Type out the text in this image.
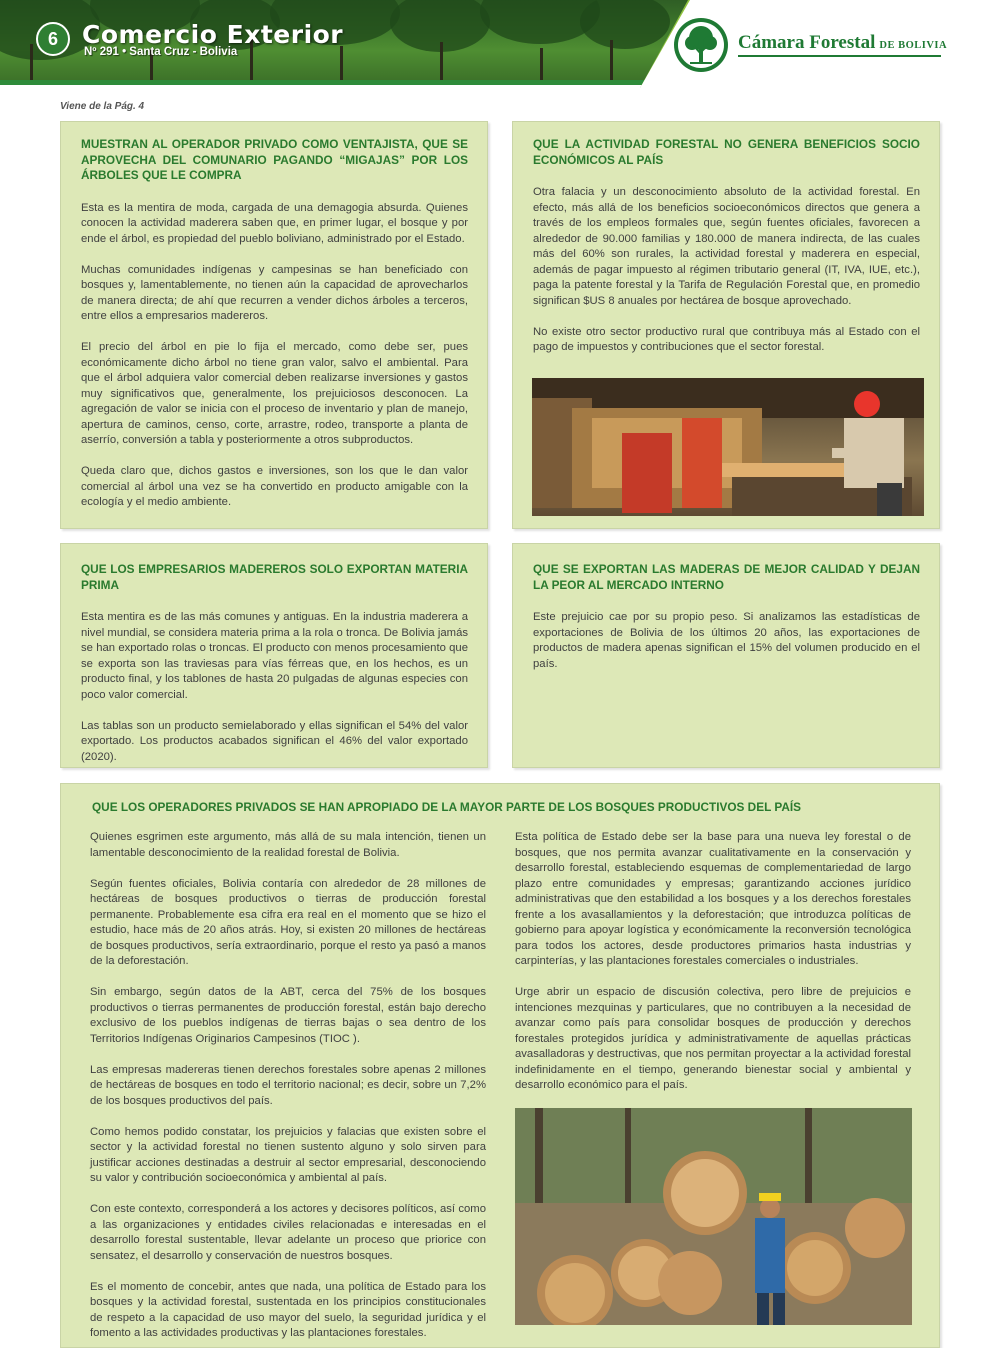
6 Comercio Exterior
Nº 291 • Santa Cruz - Bolivia	Cámara Forestal DE BOLIVIA
Viene de la Pág. 4
MUESTRAN AL OPERADOR PRIVADO COMO VENTAJISTA, QUE SE APROVECHA DEL COMUNARIO PAGANDO “MIGAJAS” POR LOS ÁRBOLES QUE LE COMPRA

Esta es la mentira de moda, cargada de una demagogia absurda. Quienes conocen la actividad maderera saben que, en primer lugar, el bosque y por ende el árbol, es propiedad del pueblo boliviano, administrado por el Estado.

Muchas comunidades indígenas y campesinas se han beneficiado con bosques y, lamentablemente, no tienen aún la capacidad de aprovecharlos de manera directa; de ahí que recurren a vender dichos árboles a terceros, entre ellos a empresarios madereros.

El precio del árbol en pie lo fija el mercado, como debe ser, pues económicamente dicho árbol no tiene gran valor, salvo el ambiental. Para que el árbol adquiera valor comercial deben realizarse inversiones y gastos muy significativos que, generalmente, los prejuiciosos desconocen. La agregación de valor se inicia con el proceso de inventario y plan de manejo, apertura de caminos, censo, corte, arrastre, rodeo, transporte a planta de aserrío, conversión a tabla y posteriormente a otros subproductos.

Queda claro que, dichos gastos e inversiones, son los que le dan valor comercial al árbol una vez se ha convertido en producto amigable con la ecología y el medio ambiente.

QUE LA ACTIVIDAD FORESTAL NO GENERA BENEFICIOS SOCIO ECONÓMICOS AL PAÍS

Otra falacia y un desconocimiento absoluto de la actividad forestal. En efecto, más allá de los beneficios socioeconómicos directos que genera a través de los empleos formales que, según fuentes oficiales, favorecen a alrededor de 90.000 familias y 180.000 de manera indirecta, de las cuales más del 60% son rurales, la actividad forestal y maderera en especial, además de pagar impuesto al régimen tributario general (IT, IVA, IUE, etc.), paga la patente forestal y la Tarifa de Regulación Forestal que, en promedio significan $US 8 anuales por hectárea de bosque aprovechado.

No existe otro sector productivo rural que contribuya más al Estado con el pago de impuestos y contribuciones que el sector forestal.

QUE LOS EMPRESARIOS MADEREROS SOLO EXPORTAN MATERIA PRIMA

Esta mentira es de las más comunes y antiguas. En la industria maderera a nivel mundial, se considera materia prima a la rola o tronca. De Bolivia jamás se han exportado rolas o troncas. El producto con menos procesamiento que se exporta son las traviesas para vías férreas que, en los hechos, es un producto final, y los tablones de hasta 20 pulgadas de algunas especies con poco valor comercial.

Las tablas son un producto semielaborado y ellas significan el 54% del valor exportado. Los productos acabados significan el 46% del valor exportado (2020).

QUE SE EXPORTAN LAS MADERAS DE MEJOR CALIDAD Y DEJAN LA PEOR AL MERCADO INTERNO

Este prejuicio cae por su propio peso. Si analizamos las estadísticas de exportaciones de Bolivia de los últimos 20 años, las exportaciones de productos de madera apenas significan el 15% del volumen producido en el país.

QUE LOS OPERADORES PRIVADOS SE HAN APROPIADO DE LA MAYOR PARTE DE LOS BOSQUES PRODUCTIVOS DEL PAÍS

Quienes esgrimen este argumento, más allá de su mala intención, tienen un lamentable desconocimiento de la realidad forestal de Bolivia.

Según fuentes oficiales, Bolivia contaría con alrededor de 28 millones de hectáreas de bosques productivos o tierras de producción forestal permanente. Probablemente esa cifra era real en el momento que se hizo el estudio, hace más de 20 años atrás. Hoy, si existen 20 millones de hectáreas de bosques productivos, sería extraordinario, porque el resto ya pasó a manos de la deforestación.

Sin embargo, según datos de la ABT, cerca del 75% de los bosques productivos o tierras permanentes de producción forestal, están bajo derecho exclusivo de los pueblos indígenas de tierras bajas o sea dentro de los Territorios Indígenas Originarios Campesinos (TIOC ).

Las empresas madereras tienen derechos forestales sobre apenas 2 millones de hectáreas de bosques en todo el territorio nacional; es decir, sobre un 7,2% de los bosques productivos del país.

Como hemos podido constatar, los prejuicios y falacias que existen sobre el sector y la actividad forestal no tienen sustento alguno y solo sirven para justificar acciones destinadas a destruir al sector empresarial, desconociendo su valor y contribución socioeconómica y ambiental al país.

Con este contexto, corresponderá a los actores y decisores políticos, así como a las organizaciones y entidades civiles relacionadas e interesadas en el desarrollo forestal sustentable, llevar adelante un proceso que priorice con sensatez, el desarrollo y conservación de nuestros bosques.

Es el momento de concebir, antes que nada, una política de Estado para los bosques y la actividad forestal, sustentada en los principios constitucionales de respeto a la capacidad de uso mayor del suelo, la seguridad jurídica y el fomento a las actividades productivas y las plantaciones forestales.

Esta política de Estado debe ser la base para una nueva ley forestal o de bosques, que nos permita avanzar cualitativamente en la conservación y desarrollo forestal, estableciendo esquemas de complementariedad de largo plazo entre comunidades y empresas; garantizando acciones jurídico administrativas que den estabilidad a los bosques y a los derechos forestales frente a los avasallamientos y la deforestación; que introduzca políticas de gobierno para apoyar logística y económicamente la reconversión tecnológica para todos los actores, desde productores primarios hasta industrias y carpinterías, y las plantaciones forestales comerciales o industriales.

Urge abrir un espacio de discusión colectiva, pero libre de prejuicios e intenciones mezquinas y particulares, que no contribuyen a la necesidad de avanzar como país para consolidar bosques de producción y derechos forestales protegidos jurídica y administrativamente de aquellas prácticas avasalladoras y destructivas, que nos permitan proyectar a la actividad forestal indefinidamente en el tiempo, generando bienestar social y ambiental y desarrollo económico para el país.
